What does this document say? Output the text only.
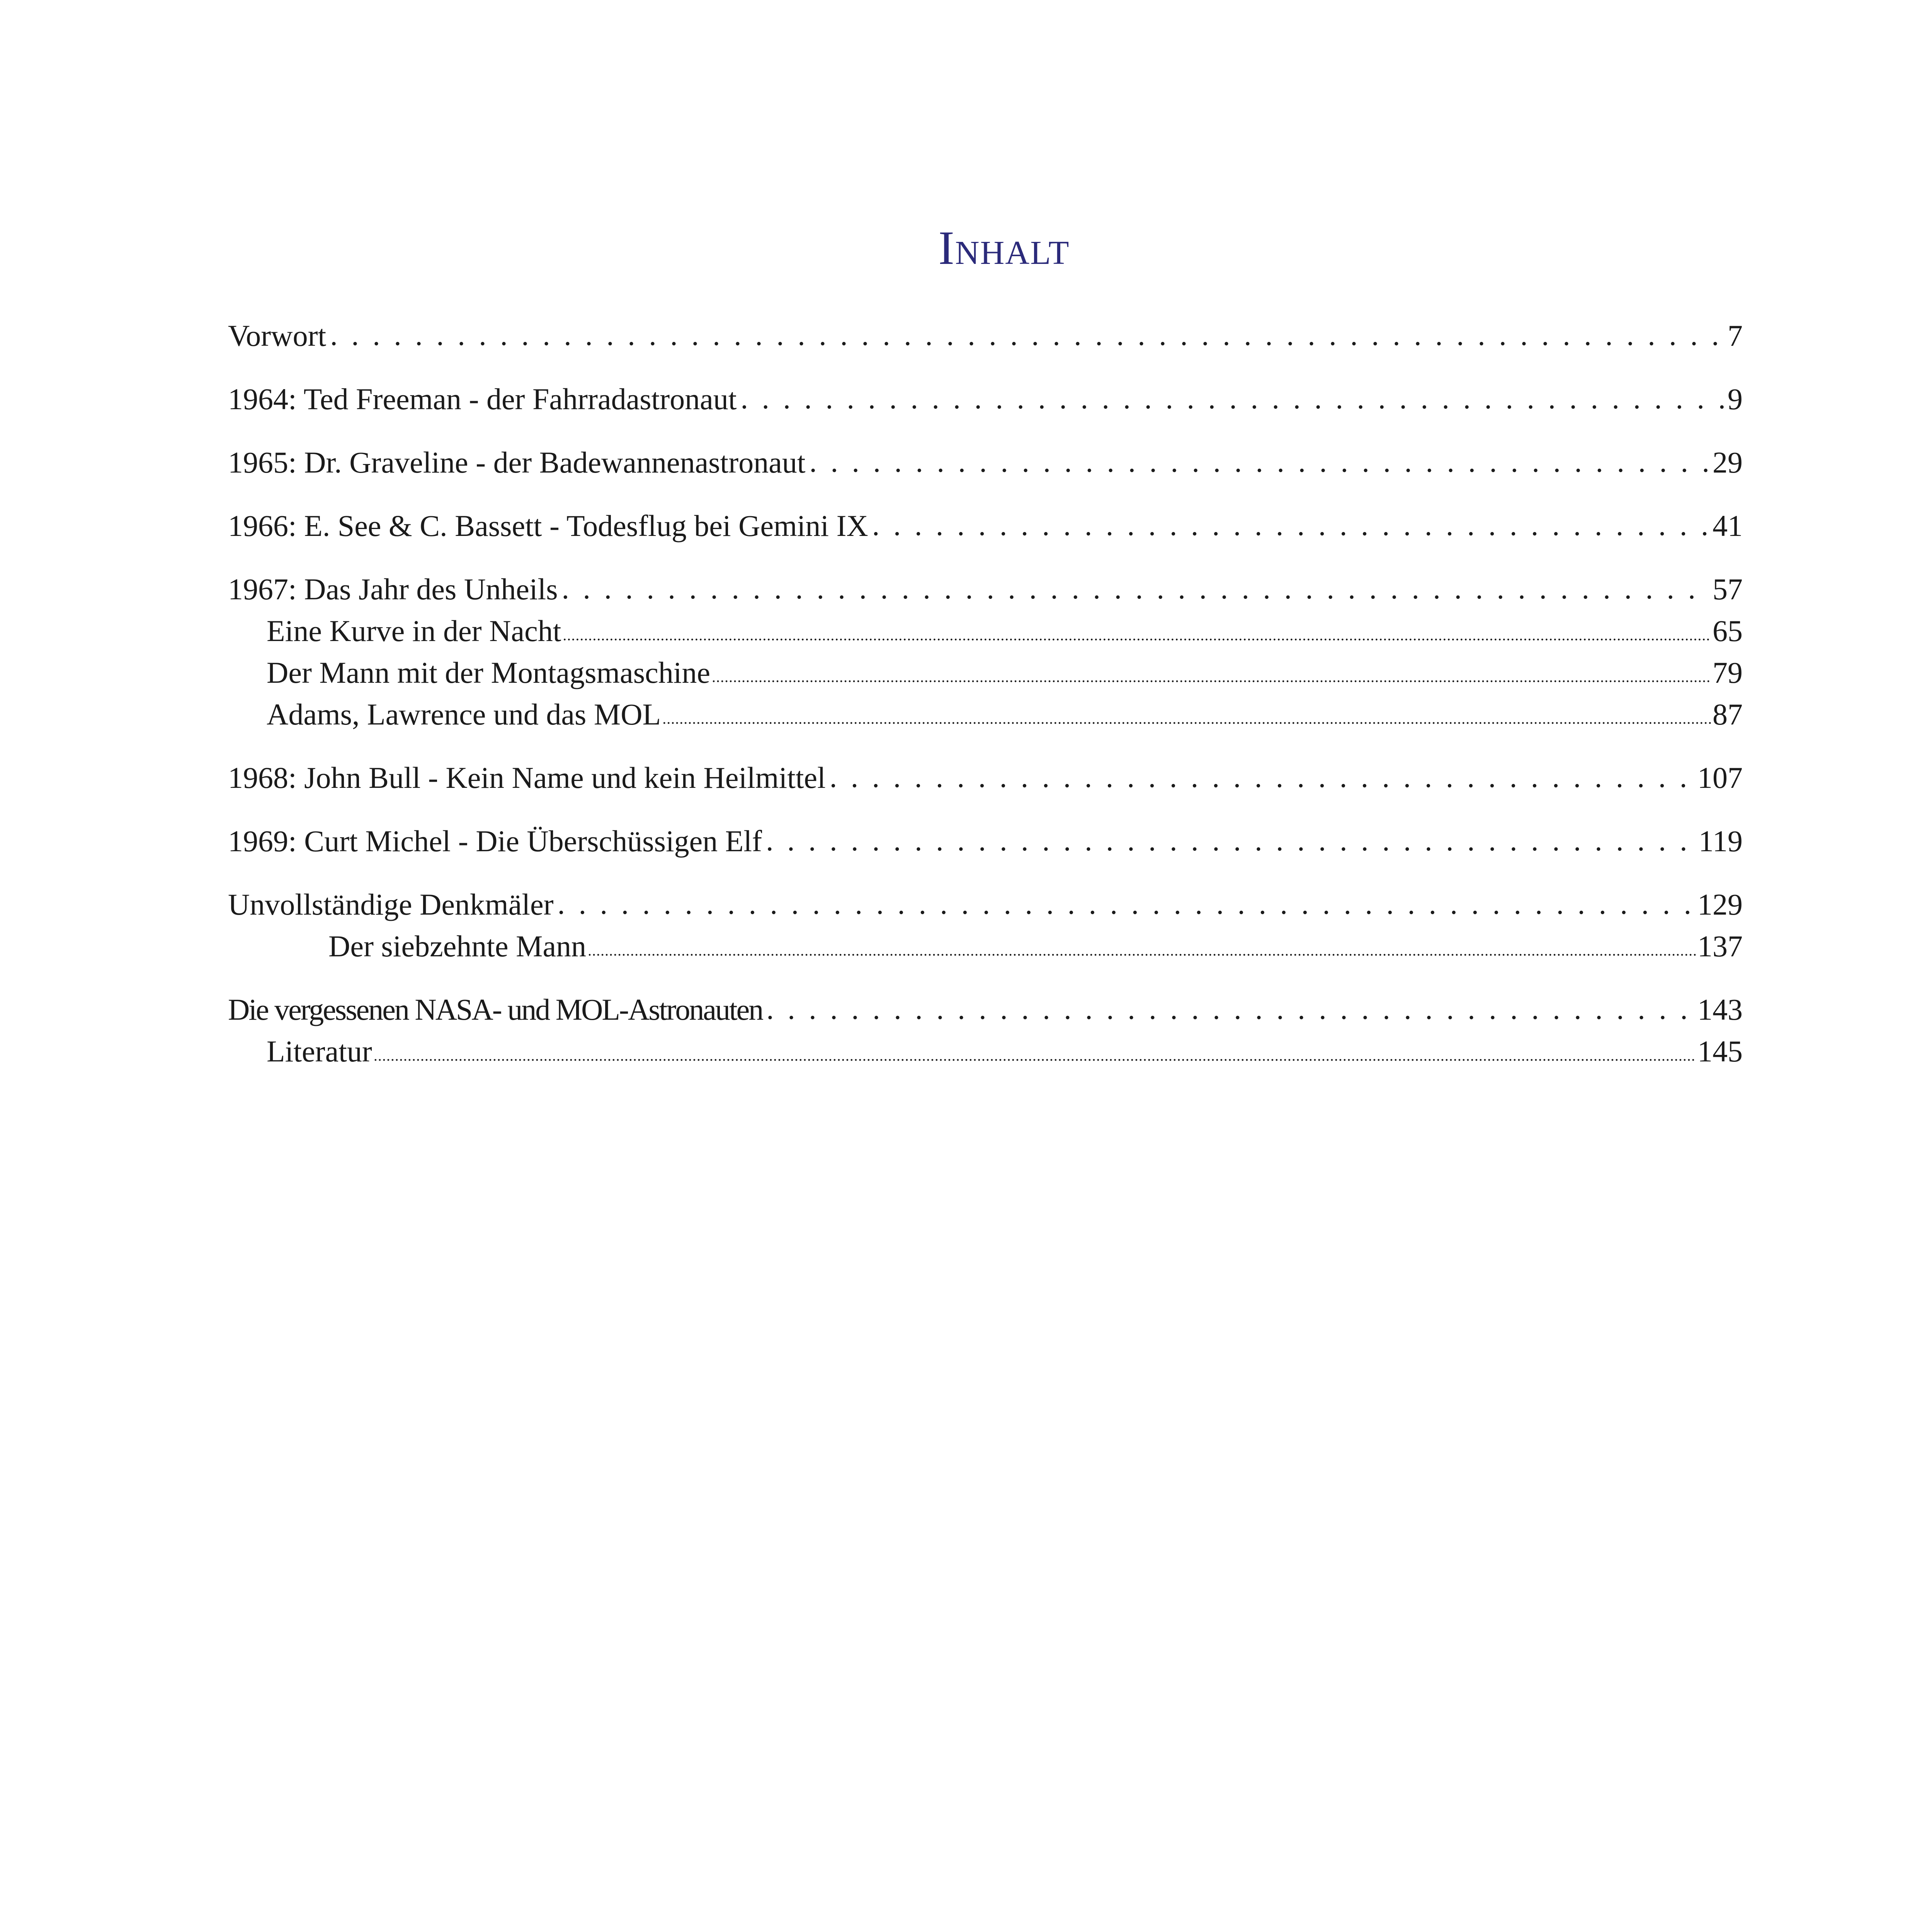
Inhalt
Vorwort . . .	7
1964: Ted Freeman - der Fahrradastronaut . . .	9
1965: Dr. Graveline - der Badewannenastronaut . . .	29
1966: E. See & C. Bassett - Todesflug bei Gemini IX . . .	41
1967: Das Jahr des Unheils . . .	57
Eine Kurve in der Nacht .....	65
Der Mann mit der Montagsmaschine .....	79
Adams, Lawrence und das MOL .....	87
1968: John Bull - Kein Name und kein Heilmittel . . .	107
1969: Curt Michel - Die Überschüssigen Elf . . .	119
Unvollständige Denkmäler . . .	129
Der siebzehnte Mann .....	137
Die vergessenen NASA- und MOL-Astronauten . . .	143
Literatur .....	145
